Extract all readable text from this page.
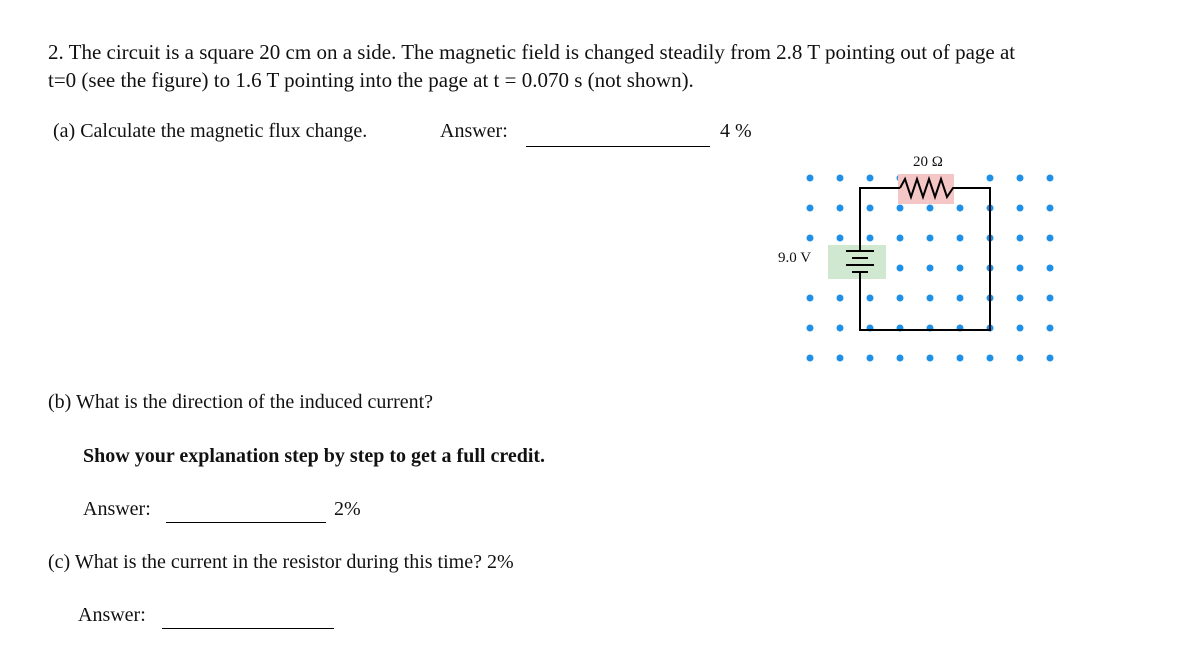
2. The circuit is a square 20 cm on a side. The magnetic field is changed steadily from 2.8 T pointing out of page at
t=0 (see the figure) to 1.6 T pointing into the page at t = 0.070 s (not shown).
(a) Calculate the magnetic flux change.	Answer:	4 %
20 Ω
9.0 V
(b) What is the direction of the induced current?
Show your explanation step by step to get a full credit.
Answer:	2%
(c) What is the current in the resistor during this time? 2%
Answer:
